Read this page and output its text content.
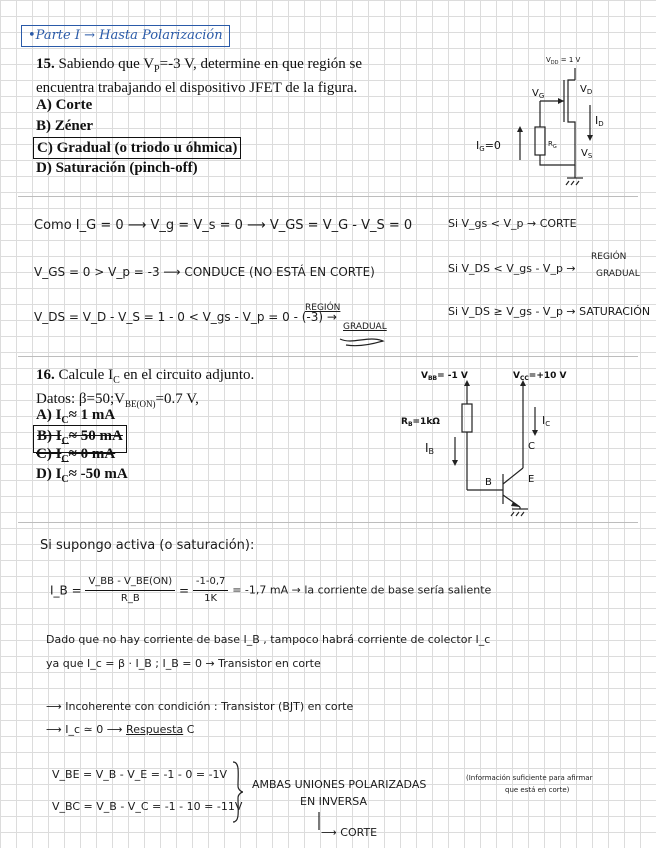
•Parte I → Hasta Polarización
15. Sabiendo que $V_P=-3$ V, determine en que región se
encuentra trabajando el dispositivo JFET de la figura.
A) Corte
B) Zéner
C) Gradual (o triodo u óhmica)
D) Saturación (pinch-off)
$V_{DD} = 1$ V
$V_D$
$V_G$
ID
$V_S$
IG=0	$R_G$
Como I_G = 0 ⟶ V_g = V_s = 0 ⟶ V_GS = V_G - V_S = 0
V_GS = 0 > V_p = -3 ⟶ CONDUCE (NO ESTÁ EN CORTE)
V_DS = V_D - V_S = 1 - 0 < V_gs - V_p = 0 - (-3) →
REGIÓN
GRADUAL
Si V_gs < V_p → CORTE
Si V_DS < V_gs - V_p →
REGIÓN
GRADUAL
Si V_DS ≥ V_gs - V_p → SATURACIÓN
16. Calcule $I_C$ en el circuito adjunto.
Datos: $\beta=50;V_{BE(ON)}=0.7$ V,
A) $I_C\approx 1$ mA
B) $I_C\approx 50$ mA
C) $I_C\approx 0$ mA
D) $I_C\approx -50$ mA
$V_{BB}= -1$ V	$V_{CC}=+10$ V
$R_B=1k\Omega$
IB
IC
B
C
E
Si supongo activa (o saturación):
I_B = $\frac{V\_BB - V\_BE(ON)}{R\_B} = \frac{-1-0,7}{1K} = -1,7$ mA → la corriente de base sería saliente
Dado que no hay corriente de base I_B , tampoco habrá corriente de colector I_c
ya que I_c = β · I_B ; I_B = 0 → Transistor en corte
⟶ Incoherente con condición : Transistor (BJT) en corte
⟶ I_c ≃ 0 ⟶ Respuesta C
V_BE = V_B - V_E = -1 - 0 = -1V
V_BC = V_B - V_C = -1 - 10 = -11V
AMBAS UNIONES POLARIZADAS
EN INVERSA
(Información suficiente para afirmar
que está en corte)
⟶ CORTE
